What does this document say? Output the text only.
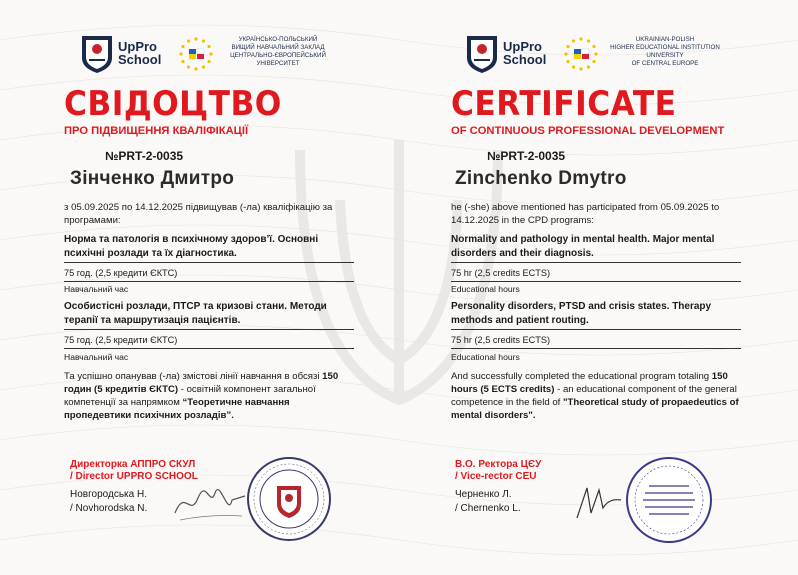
UpPro
School
УКРАЇНСЬКО-ПОЛЬСЬКИЙ
ВИЩИЙ НАВЧАЛЬНИЙ ЗАКЛАД
ЦЕНТРАЛЬНО-ЄВРОПЕЙСЬКИЙ
УНІВЕРСИТЕТ
СВІДОЦТВО
ПРО ПІДВИЩЕННЯ КВАЛІФІКАЦІЇ
№PRT-2-0035
Зінченко Дмитро
з 05.09.2025 по 14.12.2025 підвищував (-ла) кваліфікацію за програмами:
Норма та патологія в психічному здоров’ї. Основні психічні розлади та їх діагностика.
75 год. (2,5 кредити ЄКТС)
Навчальний час
Особистісні розлади, ПТСР та кризові стани. Методи терапії та маршрутизація пацієнтів.
75 год. (2,5 кредити ЄКТС)
Навчальний час
Та успішно опанував (-ла) змістові лінії навчання в обсязі 150 годин (5 кредитів ЄКТС) - освітній компонент загальної компетенції за напрямком “Теоретичне навчання пропедевтики психічних розладів”.
Директорка АППРО СКУЛ
/ Director UPPRO SCHOOL
Новгородська Н.
/ Novhorodska N.
UpPro
School
UKRAINIAN-POLISH
HIGHER EDUCATIONAL INSTITUTION
UNIVERSITY
OF CENTRAL EUROPE
CERTIFICATE
OF CONTINUOUS PROFESSIONAL DEVELOPMENT
№PRT-2-0035
Zinchenko Dmytro
he (-she) above mentioned has participated from 05.09.2025 to 14.12.2025 in the CPD programs:
Normality and pathology in mental health. Major mental disorders and their diagnosis.
75 hr (2,5 credits ECTS)
Educational hours
Personality disorders, PTSD and crisis states. Therapy methods and patient routing.
75 hr (2,5 credits ECTS)
Educational hours
And successfully completed the educational program totaling 150 hours (5 ECTS credits) - an educational component of the general competence in the field of "Theoretical study of propaedeutics of mental disorders".
В.О. Ректора ЦЄУ
/ Vice-rector CEU
Черненко Л.
/ Chernenko L.
